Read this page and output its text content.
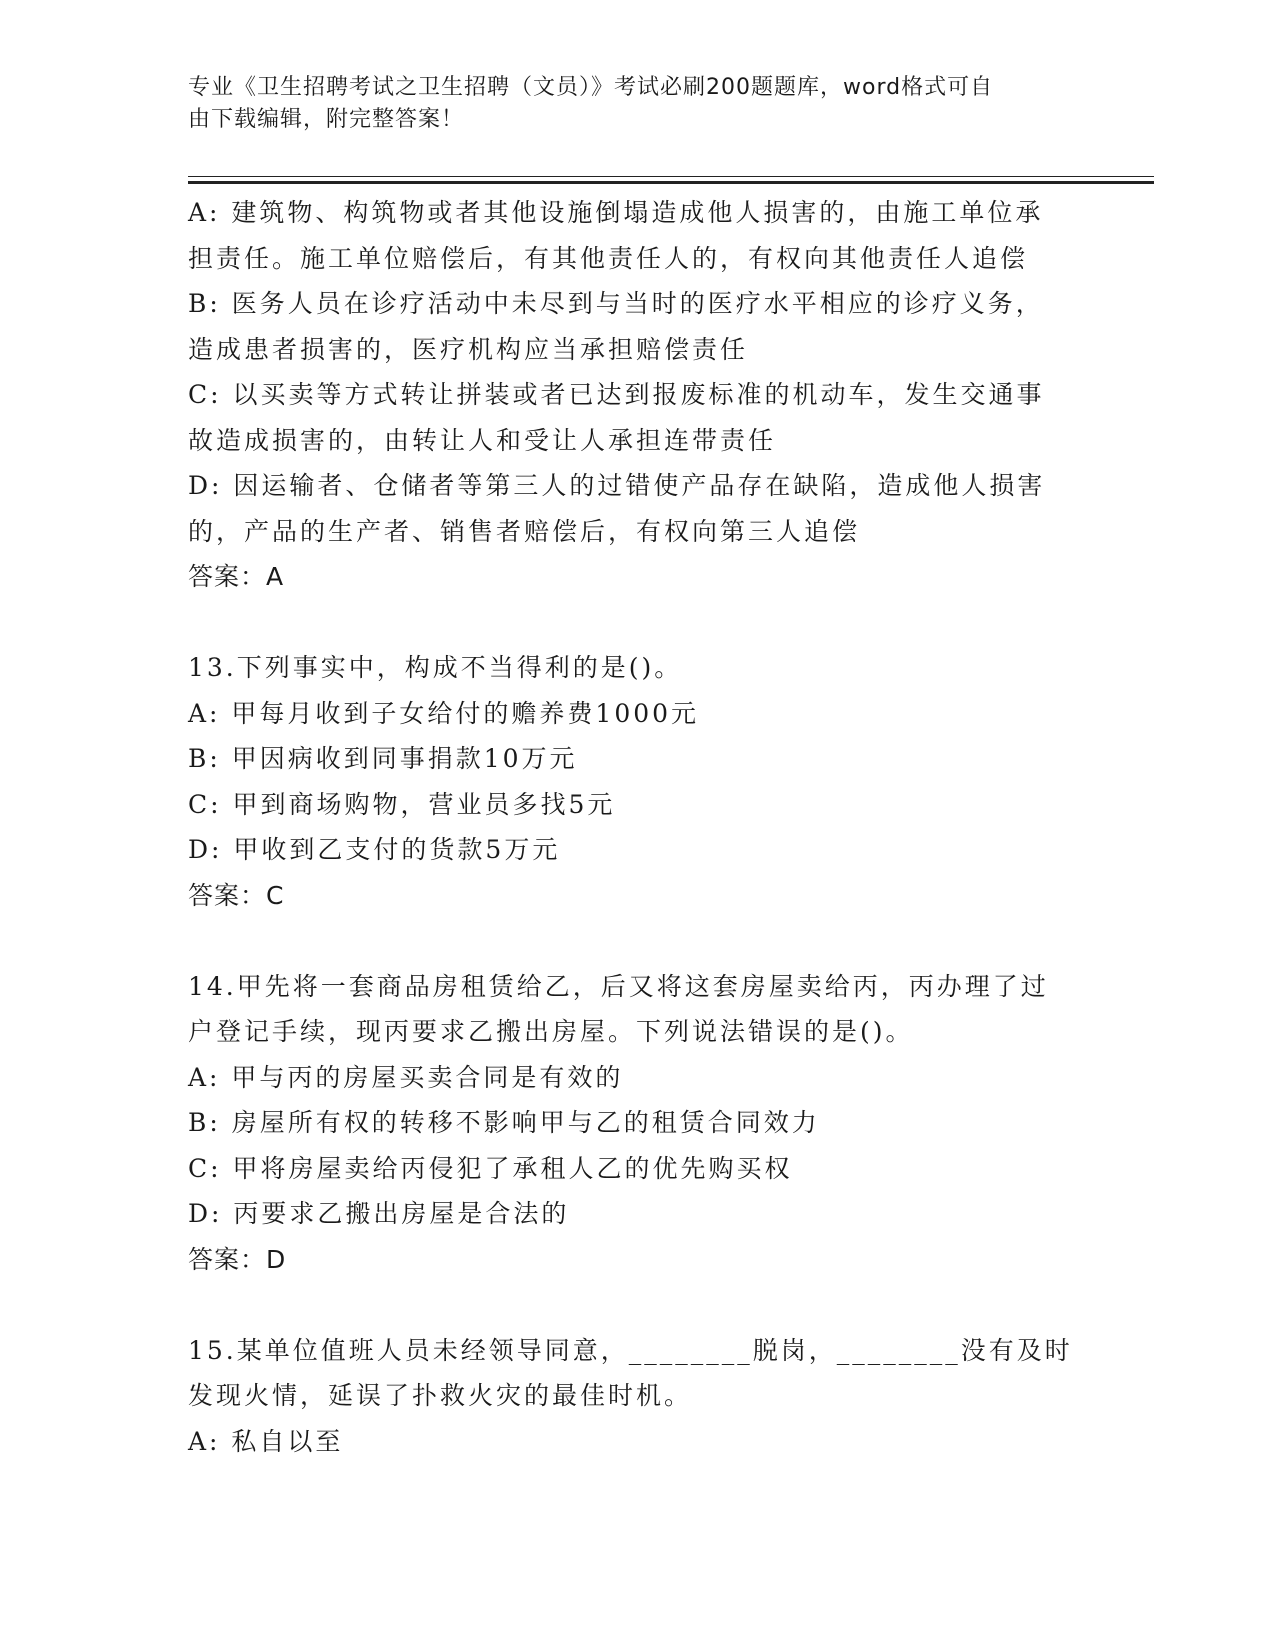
专业《卫生招聘考试之卫生招聘（文员）》考试必刷200题题库，word格式可自
由下载编辑，附完整答案！
A: 建筑物、构筑物或者其他设施倒塌造成他人损害的，由施工单位承
担责任。施工单位赔偿后，有其他责任人的，有权向其他责任人追偿
B: 医务人员在诊疗活动中未尽到与当时的医疗水平相应的诊疗义务，
造成患者损害的，医疗机构应当承担赔偿责任
C: 以买卖等方式转让拼装或者已达到报废标准的机动车，发生交通事
故造成损害的，由转让人和受让人承担连带责任
D: 因运输者、仓储者等第三人的过错使产品存在缺陷，造成他人损害
的，产品的生产者、销售者赔偿后，有权向第三人追偿
答案：A
13.下列事实中，构成不当得利的是()。
A: 甲每月收到子女给付的赡养费1000元
B: 甲因病收到同事捐款10万元
C: 甲到商场购物，营业员多找5元
D: 甲收到乙支付的货款5万元
答案：C
14.甲先将一套商品房租赁给乙，后又将这套房屋卖给丙，丙办理了过
户登记手续，现丙要求乙搬出房屋。下列说法错误的是()。
A: 甲与丙的房屋买卖合同是有效的
B: 房屋所有权的转移不影响甲与乙的租赁合同效力
C: 甲将房屋卖给丙侵犯了承租人乙的优先购买权
D: 丙要求乙搬出房屋是合法的
答案：D
15.某单位值班人员未经领导同意，________脱岗，________没有及时
发现火情，延误了扑救火灾的最佳时机。
A: 私自以至
